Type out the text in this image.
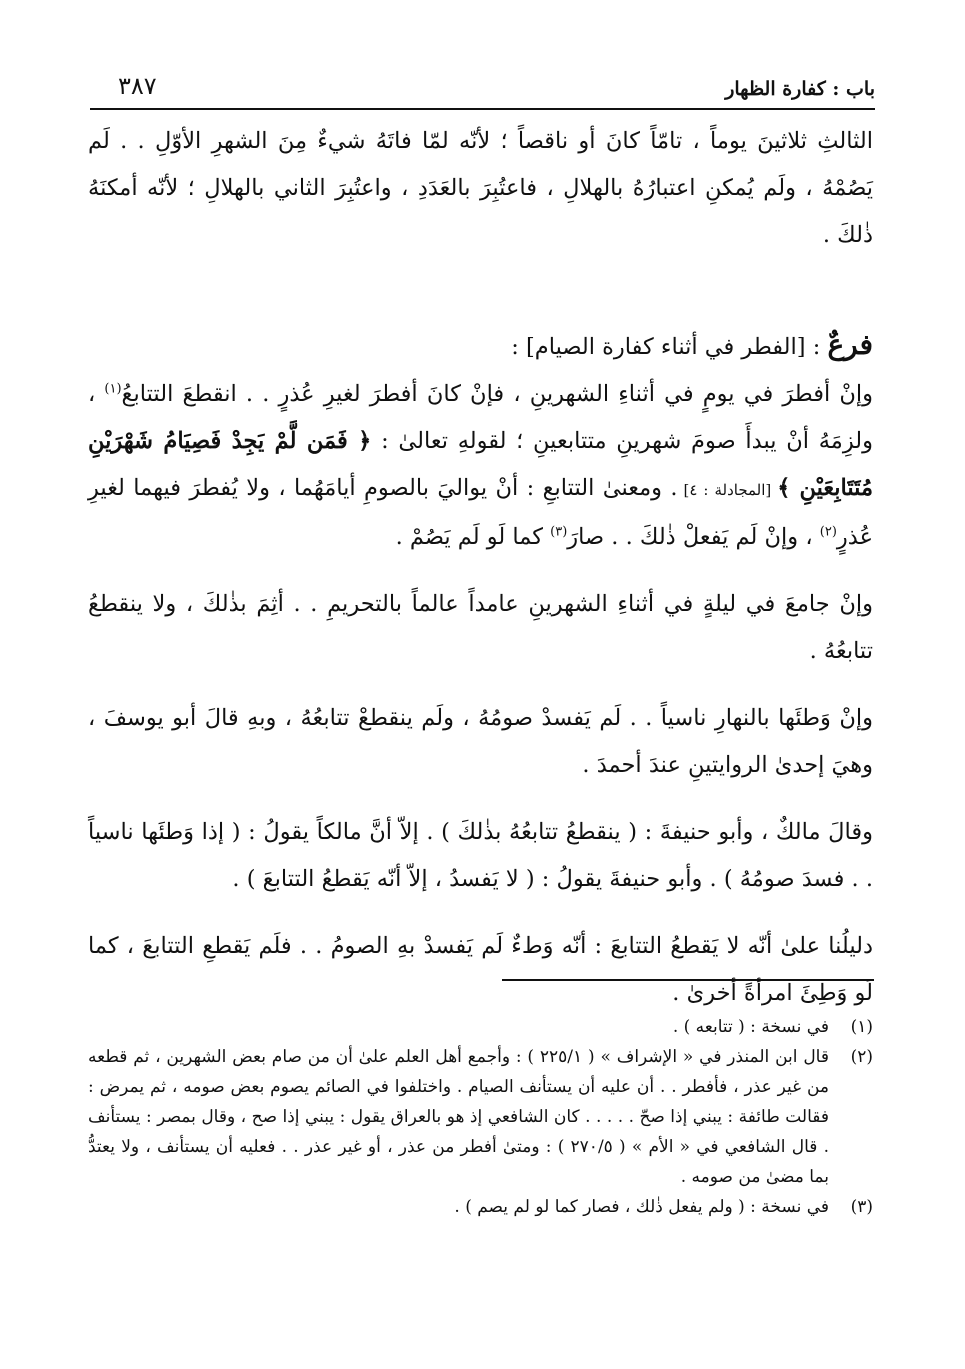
باب : كفارة الظهار
٣٨٧

الثالثِ ثلاثينَ يوماً ، تامّاً كانَ أو ناقصاً ؛ لأنّه لمّا فاتَهُ شيءٌ مِنَ الشهرِ الأوّلِ . . لَم يَصُمْهُ ، ولَم يُمكنِ اعتبارُهُ بالهلالِ ، فاعتُبِرَ بالعَدَدِ ، واعتُبِرَ الثاني بالهلالِ ؛ لأنّه أمكنَهُ ذٰلكَ .

فرعٌ : [الفطر في أثناء كفارة الصيام] :

وإنْ أفطرَ في يومٍ في أثناءِ الشهرينِ ، فإنْ كانَ أفطرَ لغيرِ عُذرٍ . . انقطعَ التتابعُ$^{(١)}$ ، ولزِمَهُ أنْ يبدأَ صومَ شهرينِ متتابعينِ ؛ لقولهِ تعالىٰ : ﴿ فَمَن لَّمْ يَجِدْ فَصِيَامُ شَهْرَيْنِ مُتَتَابِعَيْنِ ﴾ [المجادلة : ٤] . ومعنىٰ التتابعِ : أنْ يواليَ بالصومِ أيامَهُما ، ولا يُفطرَ فيهما لغيرِ عُذرٍ$^{(٢)}$ ، وإنْ لَم يَفعلْ ذٰلكَ . . صارَ$^{(٣)}$ كما لَو لَم يَصُمْ .

وإنْ جامعَ في ليلةٍ في أثناءِ الشهرينِ عامداً عالماً بالتحريمِ . . أثِمَ بذٰلكَ ، ولا ينقطعُ تتابعُهُ .

وإنْ وَطئَها بالنهارِ ناسياً . . لَم يَفسدْ صومُهُ ، ولَم ينقطعْ تتابعُهُ ، وبهِ قالَ أبو يوسفَ ، وهيَ إحدىٰ الروايتينِ عندَ أحمدَ .

وقالَ مالكٌ ، وأبو حنيفةَ : ( ينقطعُ تتابعُهُ بذٰلكَ ) . إلاّ أنَّ مالكاً يقولُ : ( إذا وَطئَها ناسياً . . فسدَ صومُهُ ) . وأبو حنيفةَ يقولُ : ( لا يَفسدُ ، إلاّ أنّه يَقطعُ التتابعَ ) .

دليلُنا علىٰ أنّه لا يَقطعُ التتابعَ : أنّه وَطءٌ لَم يَفسدْ بهِ الصومُ . . فلَم يَقطعِ التتابعَ ، كما لَو وَطِئَ امرأةً أخرىٰ .

(١)
في نسخة : ( تتابعه ) .
(٢)
قال ابن المنذر في « الإشراف » ( ٢٢٥/١ ) : وأجمع أهل العلم علىٰ أن من صام بعض الشهرين ، ثم قطعه من غير عذر ، فأفطر . . أن عليه أن يستأنف الصيام . واختلفوا في الصائم يصوم بعض صومه ، ثم يمرض : فقالت طائفة : يبني إذا صحّ . . . . . كان الشافعي إذ هو بالعراق يقول : يبني إذا صح ، وقال بمصر : يستأنف . قال الشافعي في « الأم » ( ٢٧٠/٥ ) : ومتىٰ أفطر من عذر ، أو غير عذر . . فعليه أن يستأنف ، ولا يعتدُّ بما مضىٰ من صومه .
(٣)
في نسخة : ( ولم يفعل ذٰلك ، فصار كما لو لم يصم ) .
